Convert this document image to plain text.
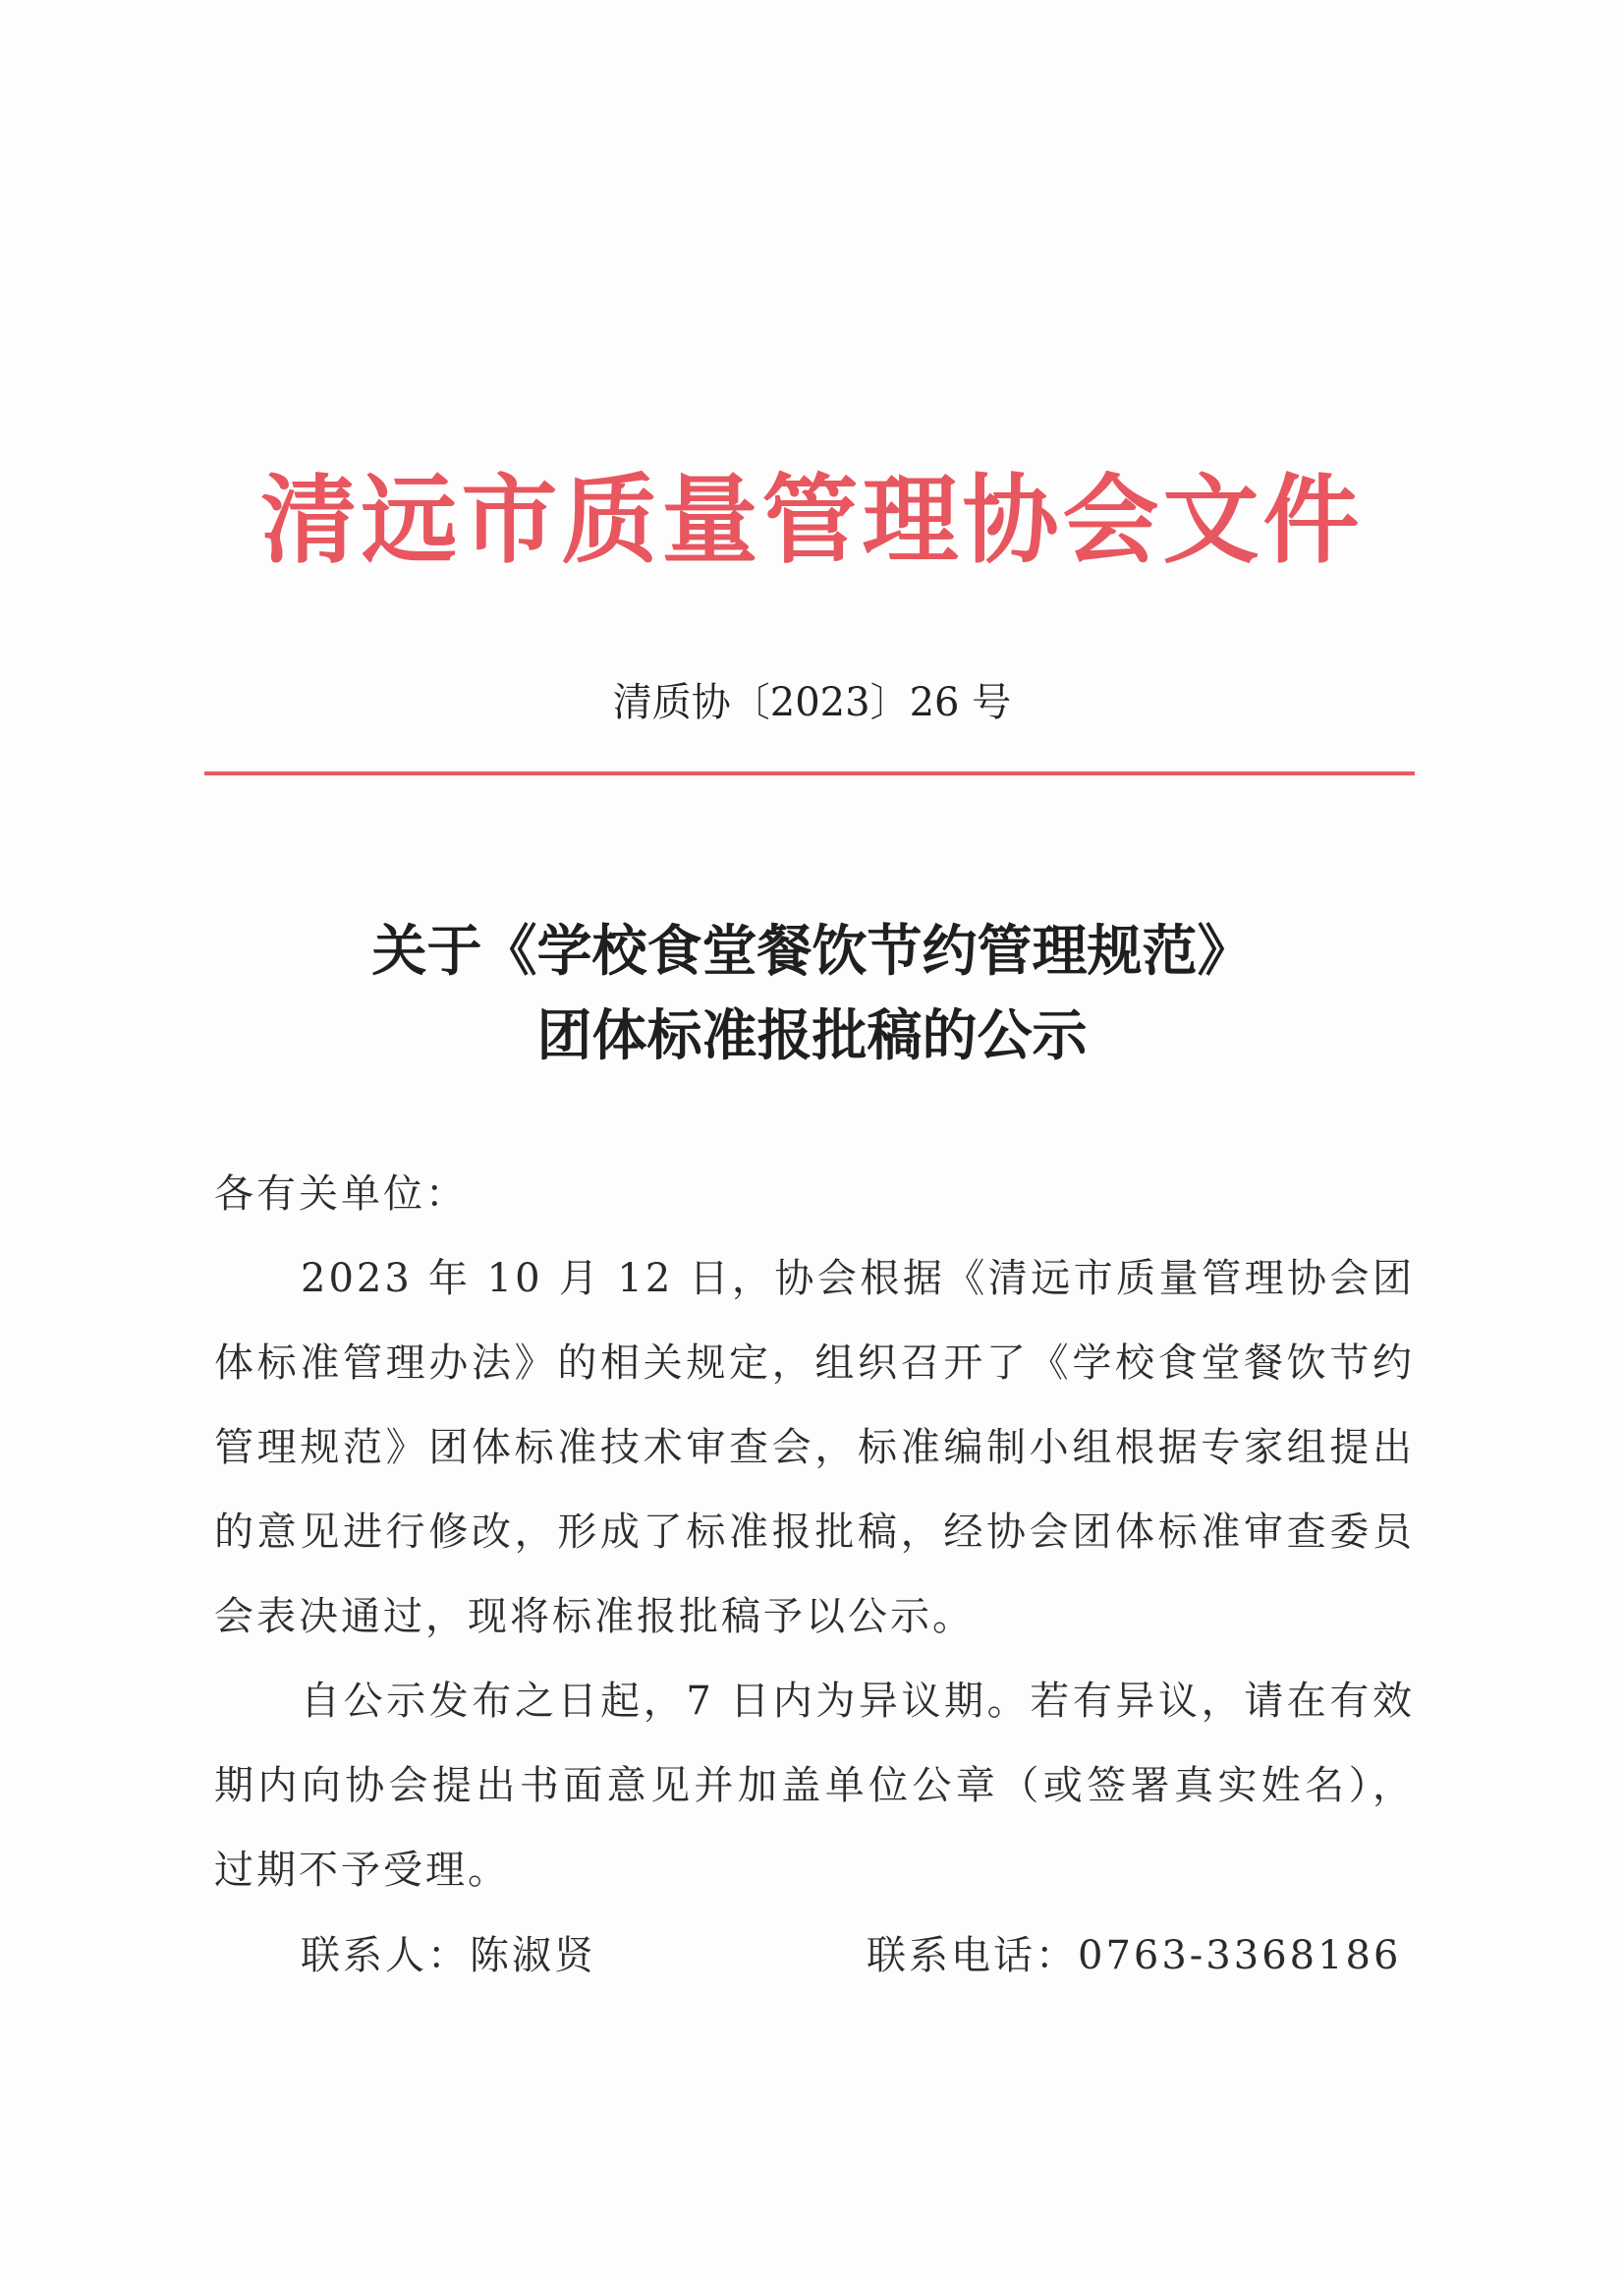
清远市质量管理协会文件
清质协〔2023〕26 号
关于《学校食堂餐饮节约管理规范》
团体标准报批稿的公示
各有关单位：

2023 年 10 月 12 日，协会根据《清远市质量管理协会团体标准管理办法》的相关规定，组织召开了《学校食堂餐饮节约管理规范》团体标准技术审查会，标准编制小组根据专家组提出的意见进行修改，形成了标准报批稿，经协会团体标准审查委员会表决通过，现将标准报批稿予以公示。

自公示发布之日起，7 日内为异议期。若有异议，请在有效期内向协会提出书面意见并加盖单位公章（或签署真实姓名），过期不予受理。

联系人：陈淑贤	联系电话：0763-3368186
